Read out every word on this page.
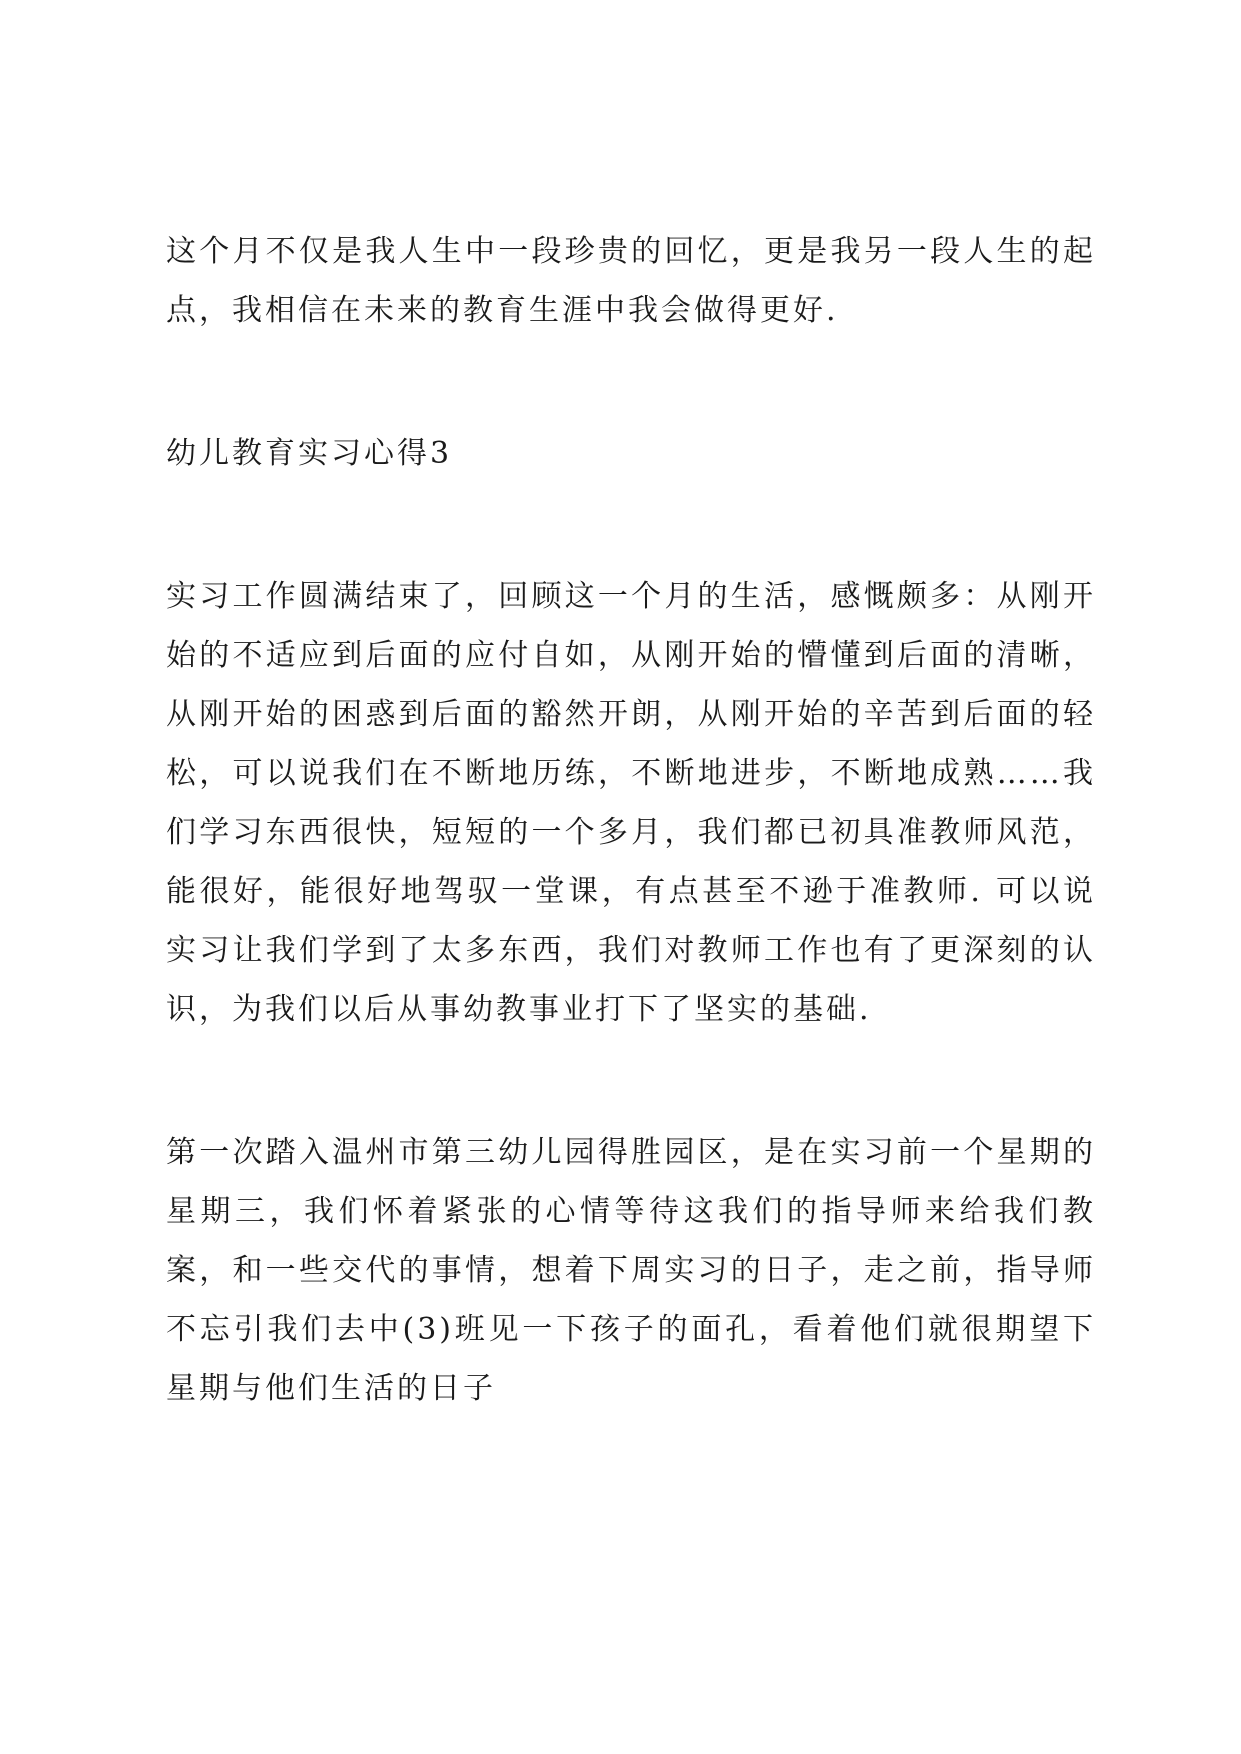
这个月不仅是我人生中一段珍贵的回忆，更是我另一段人生的起点，我相信在未来的教育生涯中我会做得更好.

幼儿教育实习心得3

实习工作圆满结束了，回顾这一个月的生活，感慨颇多：从刚开始的不适应到后面的应付自如，从刚开始的懵懂到后面的清晰，从刚开始的困惑到后面的豁然开朗，从刚开始的辛苦到后面的轻松，可以说我们在不断地历练，不断地进步，不断地成熟……我们学习东西很快，短短的一个多月，我们都已初具准教师风范，能很好，能很好地驾驭一堂课，有点甚至不逊于准教师. 可以说实习让我们学到了太多东西，我们对教师工作也有了更深刻的认识，为我们以后从事幼教事业打下了坚实的基础.

第一次踏入温州市第三幼儿园得胜园区，是在实习前一个星期的星期三，我们怀着紧张的心情等待这我们的指导师来给我们教案，和一些交代的事情，想着下周实习的日子，走之前，指导师不忘引我们去中(3)班见一下孩子的面孔，看着他们就很期望下星期与他们生活的日子
